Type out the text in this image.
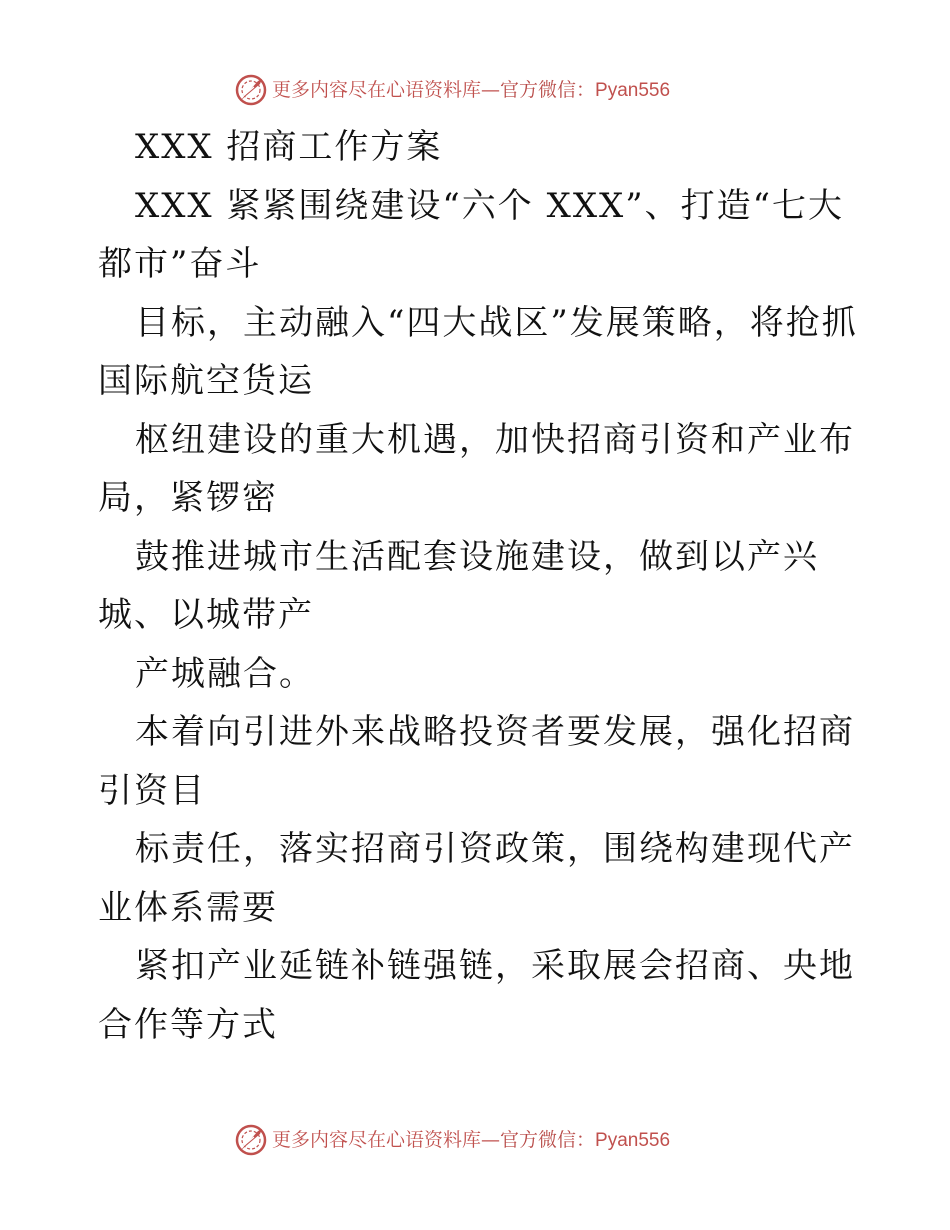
更多内容尽在心语资料库—官方微信：Pyan556

XXX 招商工作方案

XXX 紧紧围绕建设“六个 XXX”、打造“七大都市”奋斗

目标，主动融入“四大战区”发展策略，将抢抓国际航空货运

枢纽建设的重大机遇，加快招商引资和产业布局，紧锣密

鼓推进城市生活配套设施建设，做到以产兴城、以城带产

产城融合。

本着向引进外来战略投资者要发展，强化招商引资目

标责任，落实招商引资政策，围绕构建现代产业体系需要

紧扣产业延链补链强链，采取展会招商、央地合作等方式

更多内容尽在心语资料库—官方微信：Pyan556
